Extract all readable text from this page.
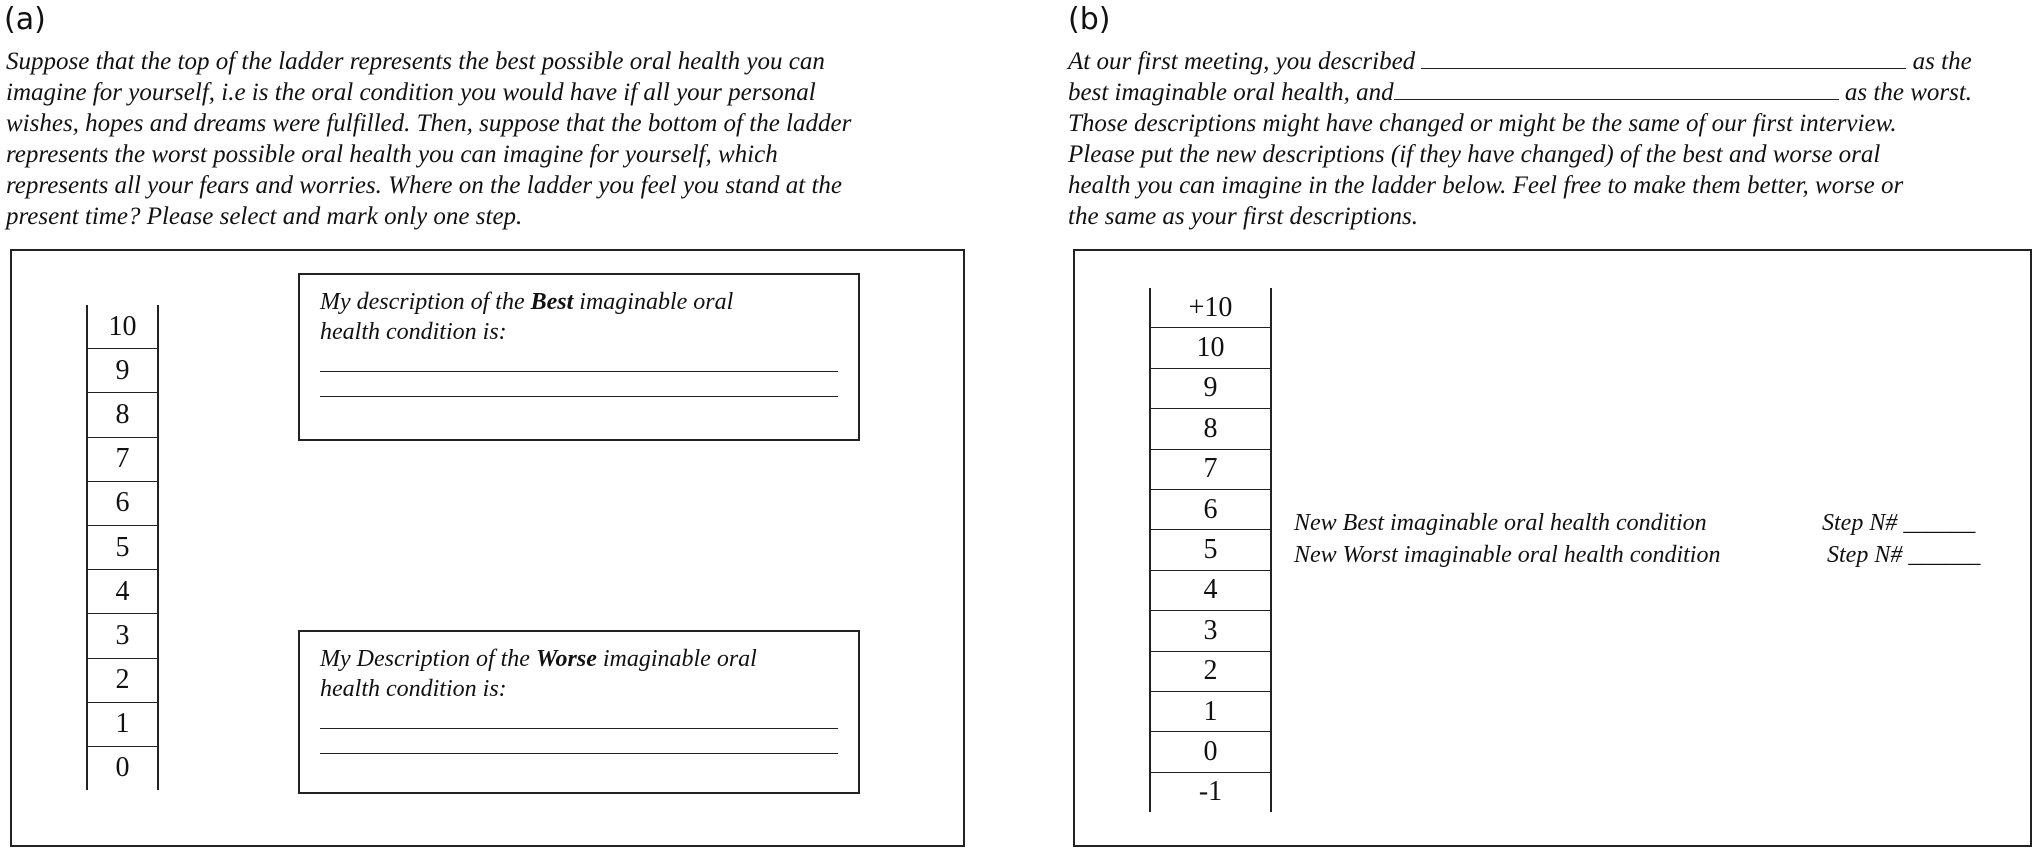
(a)
Suppose that the top of the ladder represents the best possible oral health you can
imagine for yourself, i.e is the oral condition you would have if all your personal
wishes, hopes and dreams were fulfilled. Then, suppose that the bottom of the ladder
represents the worst possible oral health you can imagine for yourself, which
represents all your fears and worries. Where on the ladder you feel you stand at the
present time? Please select and mark only one step.
10
9
8
7
6
5
4
3
2
1
0
My description of the Best imaginable oral
health condition is:
My Description of the Worse imaginable oral
health condition is:
(b)
At our first meeting, you described	as the
best imaginable oral health, and	as the worst.
Those descriptions might have changed or might be the same of our first interview.
Please put the new descriptions (if they have changed) of the best and worse oral
health you can imagine in the ladder below. Feel free to make them better, worse or
the same as your first descriptions.
+10
10
9
8
7
6
5
4
3
2
1
0
-1
New Best imaginable oral health condition	Step N# ______
New Worst imaginable oral health condition	Step N# ______
